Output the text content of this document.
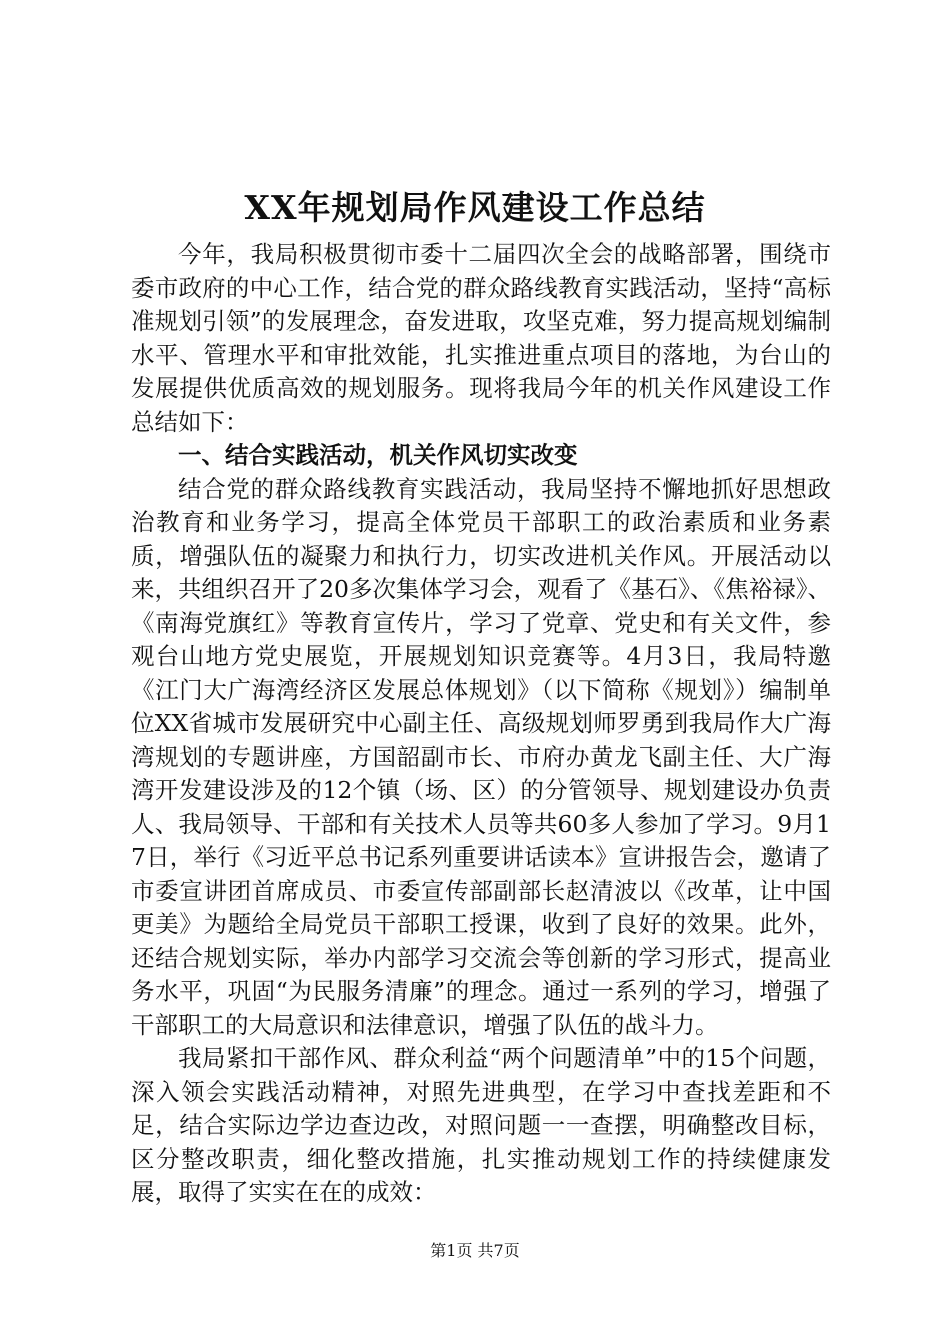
XX年规划局作风建设工作总结

今年，我局积极贯彻市委十二届四次全会的战略部署，围绕市委市政府的中心工作，结合党的群众路线教育实践活动，坚持“高标准规划引领”的发展理念，奋发进取，攻坚克难，努力提高规划编制水平、管理水平和审批效能，扎实推进重点项目的落地，为台山的发展提供优质高效的规划服务。现将我局今年的机关作风建设工作总结如下：

一、结合实践活动，机关作风切实改变

结合党的群众路线教育实践活动，我局坚持不懈地抓好思想政治教育和业务学习，提高全体党员干部职工的政治素质和业务素质，增强队伍的凝聚力和执行力，切实改进机关作风。开展活动以来，共组织召开了20多次集体学习会，观看了《基石》、《焦裕禄》、《南海党旗红》等教育宣传片，学习了党章、党史和有关文件，参观台山地方党史展览，开展规划知识竞赛等。4月3日，我局特邀《江门大广海湾经济区发展总体规划》（以下简称《规划》）编制单位XX省城市发展研究中心副主任、高级规划师罗勇到我局作大广海湾规划的专题讲座，方国韶副市长、市府办黄龙飞副主任、大广海湾开发建设涉及的12个镇（场、区）的分管领导、规划建设办负责人、我局领导、干部和有关技术人员等共60多人参加了学习。9月17日，举行《习近平总书记系列重要讲话读本》宣讲报告会，邀请了市委宣讲团首席成员、市委宣传部副部长赵清波以《改革，让中国更美》为题给全局党员干部职工授课，收到了良好的效果。此外，还结合规划实际，举办内部学习交流会等创新的学习形式，提高业务水平，巩固“为民服务清廉”的理念。通过一系列的学习，增强了干部职工的大局意识和法律意识，增强了队伍的战斗力。

我局紧扣干部作风、群众利益“两个问题清单”中的15个问题，深入领会实践活动精神，对照先进典型，在学习中查找差距和不足，结合实际边学边查边改，对照问题一一查摆，明确整改目标，区分整改职责，细化整改措施，扎实推动规划工作的持续健康发展，取得了实实在在的成效：

第1页 共7页
